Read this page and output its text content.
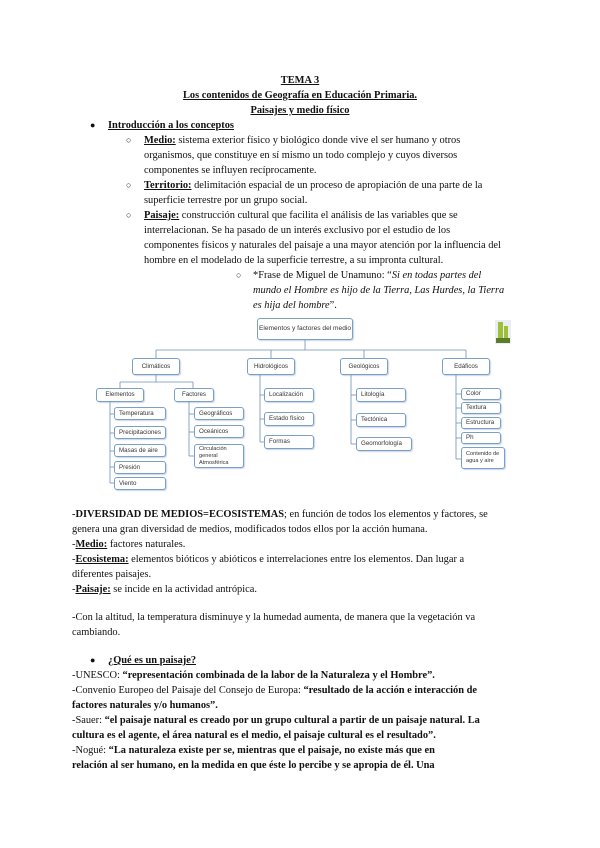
TEMA 3
Los contenidos de Geografía en Educación Primaria.
Paisajes y medio físico
● Introducción a los conceptos
○ Medio: sistema exterior físico y biológico donde vive el ser humano y otros
organismos, que constituye en sí mismo un todo complejo y cuyos diversos
componentes se influyen recíprocamente.
○ Territorio: delimitación espacial de un proceso de apropiación de una parte de la
superficie terrestre por un grupo social.
○ Paisaje: construcción cultural que facilita el análisis de las variables que se
interrelacionan. Se ha pasado de un interés exclusivo por el estudio de los
componentes físicos y naturales del paisaje a una mayor atención por la influencia del
hombre en el modelado de la superficie terrestre, a su impronta cultural.
○ *Frase de Miguel de Unamuno: “Si en todas partes del
mundo el Hombre es hijo de la Tierra, Las Hurdes, la Tierra
es hija del hombre”.
Elementos y factores del medio
Climáticos	Hidrológicos	Geológicos	Edáficos
Elementos	Factores
Temperatura
Precipitaciones
Masas de aire
Presión
Viento
Geográficos
Oceánicos
Circulación general Atmosférica
Localización
Estado físico
Formas
Litología
Tectónica
Geomorfología
Color
Textura
Estructura
Ph
Contenido de agua y aire
-DIVERSIDAD DE MEDIOS=ECOSISTEMAS; en función de todos los elementos y factores, se
genera una gran diversidad de medios, modificados todos ellos por la acción humana.
-Medio: factores naturales.
-Ecosistema: elementos bióticos y abióticos e interrelaciones entre los elementos. Dan lugar a
diferentes paisajes.
-Paisaje: se incide en la actividad antrópica.
-Con la altitud, la temperatura disminuye y la humedad aumenta, de manera que la vegetación va
cambiando.
● ¿Qué es un paisaje?
-UNESCO: “representación combinada de la labor de la Naturaleza y el Hombre”.
-Convenio Europeo del Paisaje del Consejo de Europa: “resultado de la acción e interacción de
factores naturales y/o humanos”.
-Sauer: “el paisaje natural es creado por un grupo cultural a partir de un paisaje natural. La
cultura es el agente, el área natural es el medio, el paisaje cultural es el resultado”.
-Nogué: “La naturaleza existe per se, mientras que el paisaje, no existe más que en
relación al ser humano, en la medida en que éste lo percibe y se apropia de él. Una
